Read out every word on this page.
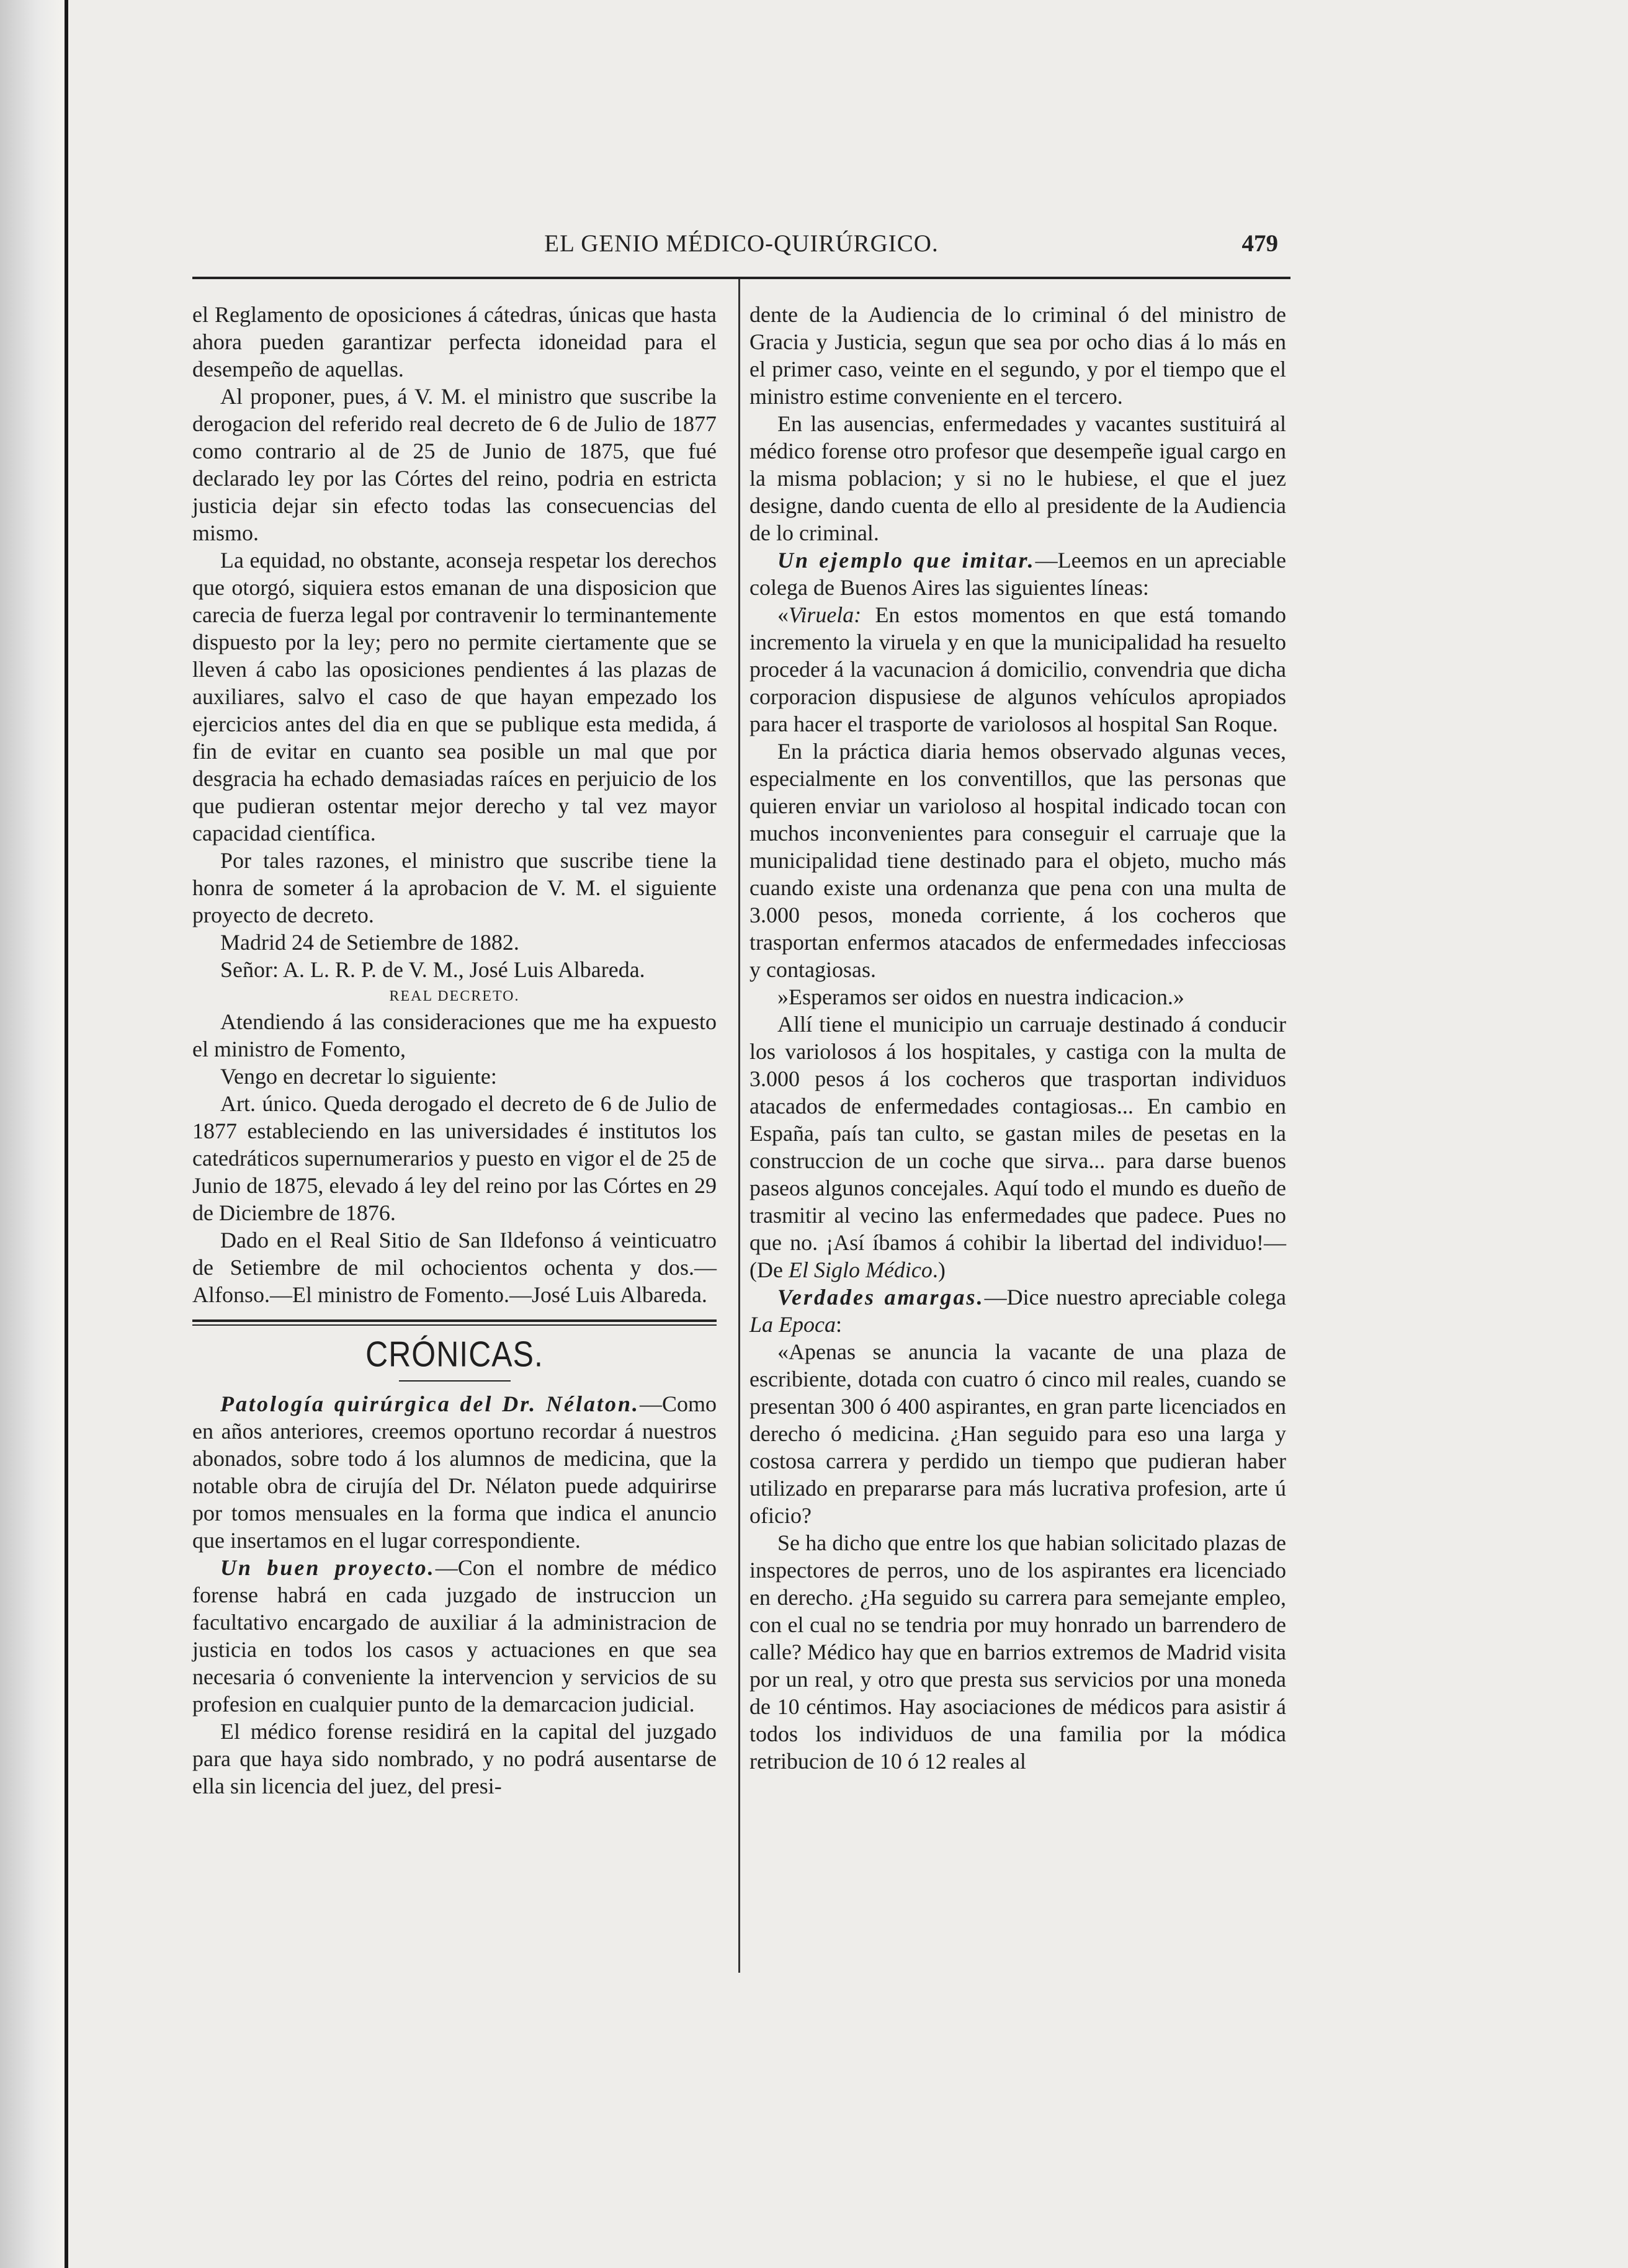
EL GENIO MÉDICO-QUIRÚRGICO.	479

el Reglamento de oposiciones á cátedras, únicas que hasta ahora pueden garantizar perfecta idoneidad para el desempeño de aquellas.

Al proponer, pues, á V. M. el ministro que suscribe la derogacion del referido real decreto de 6 de Julio de 1877 como contrario al de 25 de Junio de 1875, que fué declarado ley por las Córtes del reino, podria en estricta justicia dejar sin efecto todas las consecuencias del mismo.

La equidad, no obstante, aconseja respetar los derechos que otorgó, siquiera estos emanan de una disposicion que carecia de fuerza legal por contravenir lo terminantemente dispuesto por la ley; pero no permite ciertamente que se lleven á cabo las oposiciones pendientes á las plazas de auxiliares, salvo el caso de que hayan empezado los ejercicios antes del dia en que se publique esta medida, á fin de evitar en cuanto sea posible un mal que por desgracia ha echado demasiadas raíces en perjuicio de los que pudieran ostentar mejor derecho y tal vez mayor capacidad científica.

Por tales razones, el ministro que suscribe tiene la honra de someter á la aprobacion de V. M. el siguiente proyecto de decreto.

Madrid 24 de Setiembre de 1882.

Señor: A. L. R. P. de V. M., José Luis Albareda.

REAL DECRETO.

Atendiendo á las consideraciones que me ha expuesto el ministro de Fomento,

Vengo en decretar lo siguiente:

Art. único. Queda derogado el decreto de 6 de Julio de 1877 estableciendo en las universidades é institutos los catedráticos supernumerarios y puesto en vigor el de 25 de Junio de 1875, elevado á ley del reino por las Córtes en 29 de Diciembre de 1876.

Dado en el Real Sitio de San Ildefonso á veinticuatro de Setiembre de mil ochocientos ochenta y dos.—Alfonso.—El ministro de Fomento.—José Luis Albareda.

CRÓNICAS.

Patología quirúrgica del Dr. Nélaton.—Como en años anteriores, creemos oportuno recordar á nuestros abonados, sobre todo á los alumnos de medicina, que la notable obra de cirujía del Dr. Nélaton puede adquirirse por tomos mensuales en la forma que indica el anuncio que insertamos en el lugar correspondiente.

Un buen proyecto.—Con el nombre de médico forense habrá en cada juzgado de instruccion un facultativo encargado de auxiliar á la administracion de justicia en todos los casos y actuaciones en que sea necesaria ó conveniente la intervencion y servicios de su profesion en cualquier punto de la demarcacion judicial.

El médico forense residirá en la capital del juzgado para que haya sido nombrado, y no podrá ausentarse de ella sin licencia del juez, del presi-

dente de la Audiencia de lo criminal ó del ministro de Gracia y Justicia, segun que sea por ocho dias á lo más en el primer caso, veinte en el segundo, y por el tiempo que el ministro estime conveniente en el tercero.

En las ausencias, enfermedades y vacantes sustituirá al médico forense otro profesor que desempeñe igual cargo en la misma poblacion; y si no le hubiese, el que el juez designe, dando cuenta de ello al presidente de la Audiencia de lo criminal.

Un ejemplo que imitar.—Leemos en un apreciable colega de Buenos Aires las siguientes líneas:

«Viruela: En estos momentos en que está tomando incremento la viruela y en que la municipalidad ha resuelto proceder á la vacunacion á domicilio, convendria que dicha corporacion dispusiese de algunos vehículos apropiados para hacer el trasporte de variolosos al hospital San Roque.

En la práctica diaria hemos observado algunas veces, especialmente en los conventillos, que las personas que quieren enviar un varioloso al hospital indicado tocan con muchos inconvenientes para conseguir el carruaje que la municipalidad tiene destinado para el objeto, mucho más cuando existe una ordenanza que pena con una multa de 3.000 pesos, moneda corriente, á los cocheros que trasportan enfermos atacados de enfermedades infecciosas y contagiosas.

»Esperamos ser oidos en nuestra indicacion.»

Allí tiene el municipio un carruaje destinado á conducir los variolosos á los hospitales, y castiga con la multa de 3.000 pesos á los cocheros que trasportan individuos atacados de enfermedades contagiosas... En cambio en España, país tan culto, se gastan miles de pesetas en la construccion de un coche que sirva... para darse buenos paseos algunos concejales. Aquí todo el mundo es dueño de trasmitir al vecino las enfermedades que padece. Pues no que no. ¡Así íbamos á cohibir la libertad del individuo!—(De El Siglo Médico.)

Verdades amargas.—Dice nuestro apreciable colega La Epoca:

«Apenas se anuncia la vacante de una plaza de escribiente, dotada con cuatro ó cinco mil reales, cuando se presentan 300 ó 400 aspirantes, en gran parte licenciados en derecho ó medicina. ¿Han seguido para eso una larga y costosa carrera y perdido un tiempo que pudieran haber utilizado en prepararse para más lucrativa profesion, arte ú oficio?

Se ha dicho que entre los que habian solicitado plazas de inspectores de perros, uno de los aspirantes era licenciado en derecho. ¿Ha seguido su carrera para semejante empleo, con el cual no se tendria por muy honrado un barrendero de calle? Médico hay que en barrios extremos de Madrid visita por un real, y otro que presta sus servicios por una moneda de 10 céntimos. Hay asociaciones de médicos para asistir á todos los individuos de una familia por la módica retribucion de 10 ó 12 reales al
